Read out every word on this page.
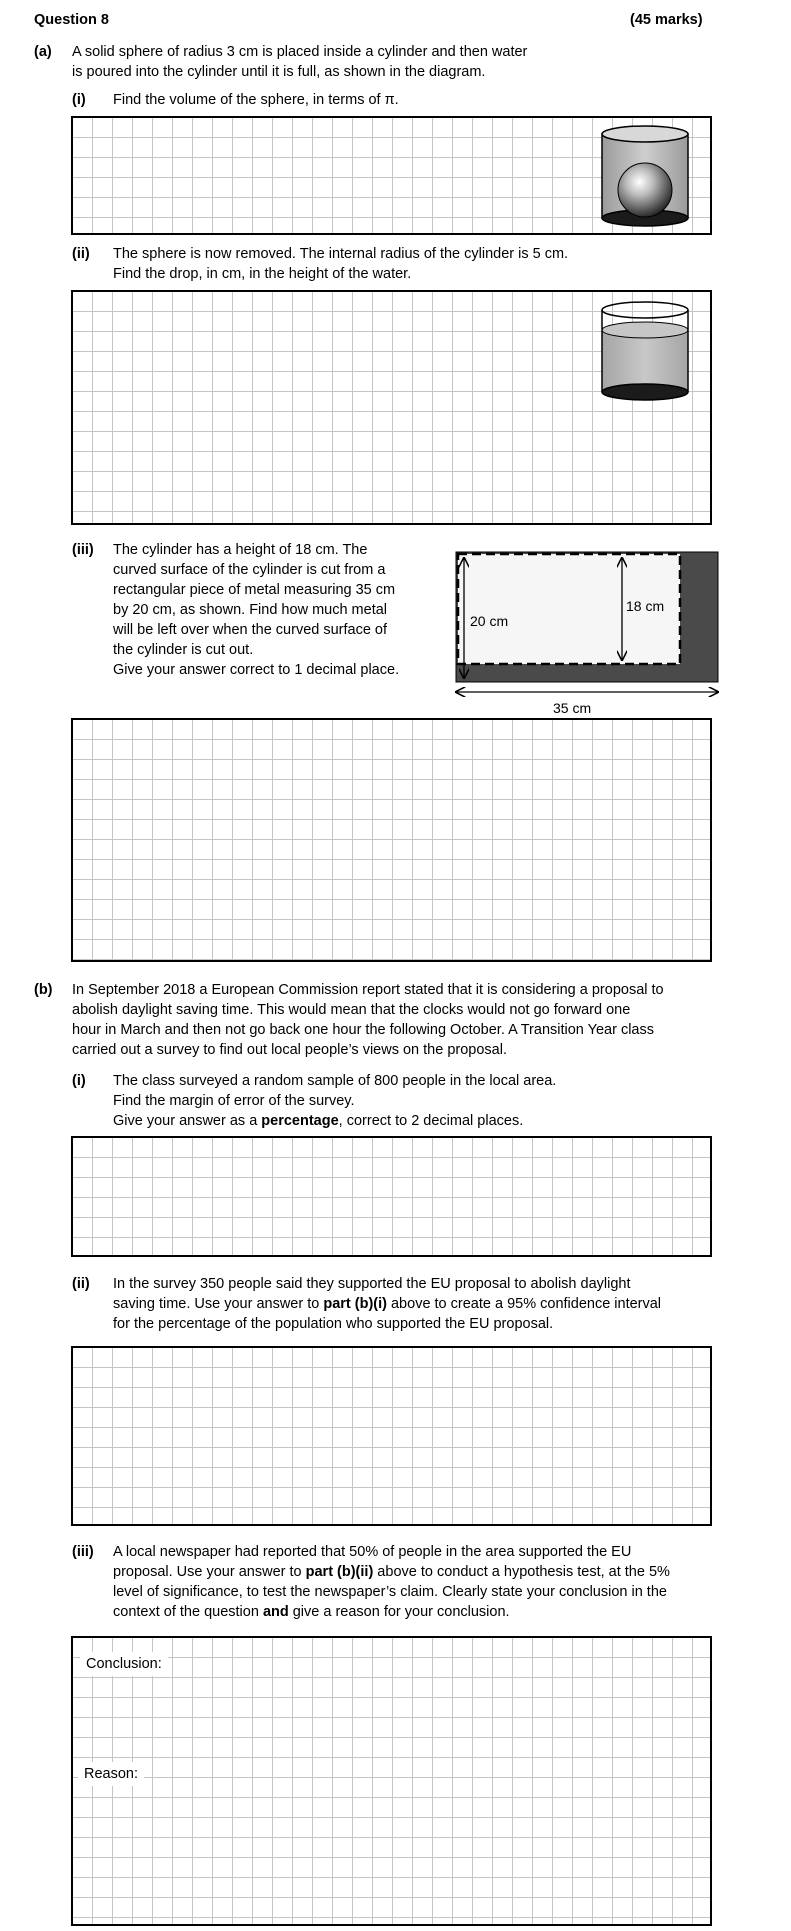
Question 8	(45 marks)
(a) A solid sphere of radius 3 cm is placed inside a cylinder and then water
is poured into the cylinder until it is full, as shown in the diagram.
(i) Find the volume of the sphere, in terms of π.
(ii) The sphere is now removed. The internal radius of the cylinder is 5 cm.
Find the drop, in cm, in the height of the water.
(iii) The cylinder has a height of 18 cm. The
curved surface of the cylinder is cut from a
rectangular piece of metal measuring 35 cm
by 20 cm, as shown. Find how much metal
will be left over when the curved surface of
the cylinder is cut out.
Give your answer correct to 1 decimal place.
20 cm
18 cm
35 cm
(b) In September 2018 a European Commission report stated that it is considering a proposal to
abolish daylight saving time. This would mean that the clocks would not go forward one
hour in March and then not go back one hour the following October. A Transition Year class
carried out a survey to find out local people’s views on the proposal.
(i) The class surveyed a random sample of 800 people in the local area.
Find the margin of error of the survey.
Give your answer as a percentage, correct to 2 decimal places.
(ii) In the survey 350 people said they supported the EU proposal to abolish daylight
saving time. Use your answer to part (b)(i) above to create a 95% confidence interval
for the percentage of the population who supported the EU proposal.
(iii) A local newspaper had reported that 50% of people in the area supported the EU
proposal. Use your answer to part (b)(ii) above to conduct a hypothesis test, at the 5%
level of significance, to test the newspaper’s claim. Clearly state your conclusion in the
context of the question and give a reason for your conclusion.
Conclusion:
Reason:
